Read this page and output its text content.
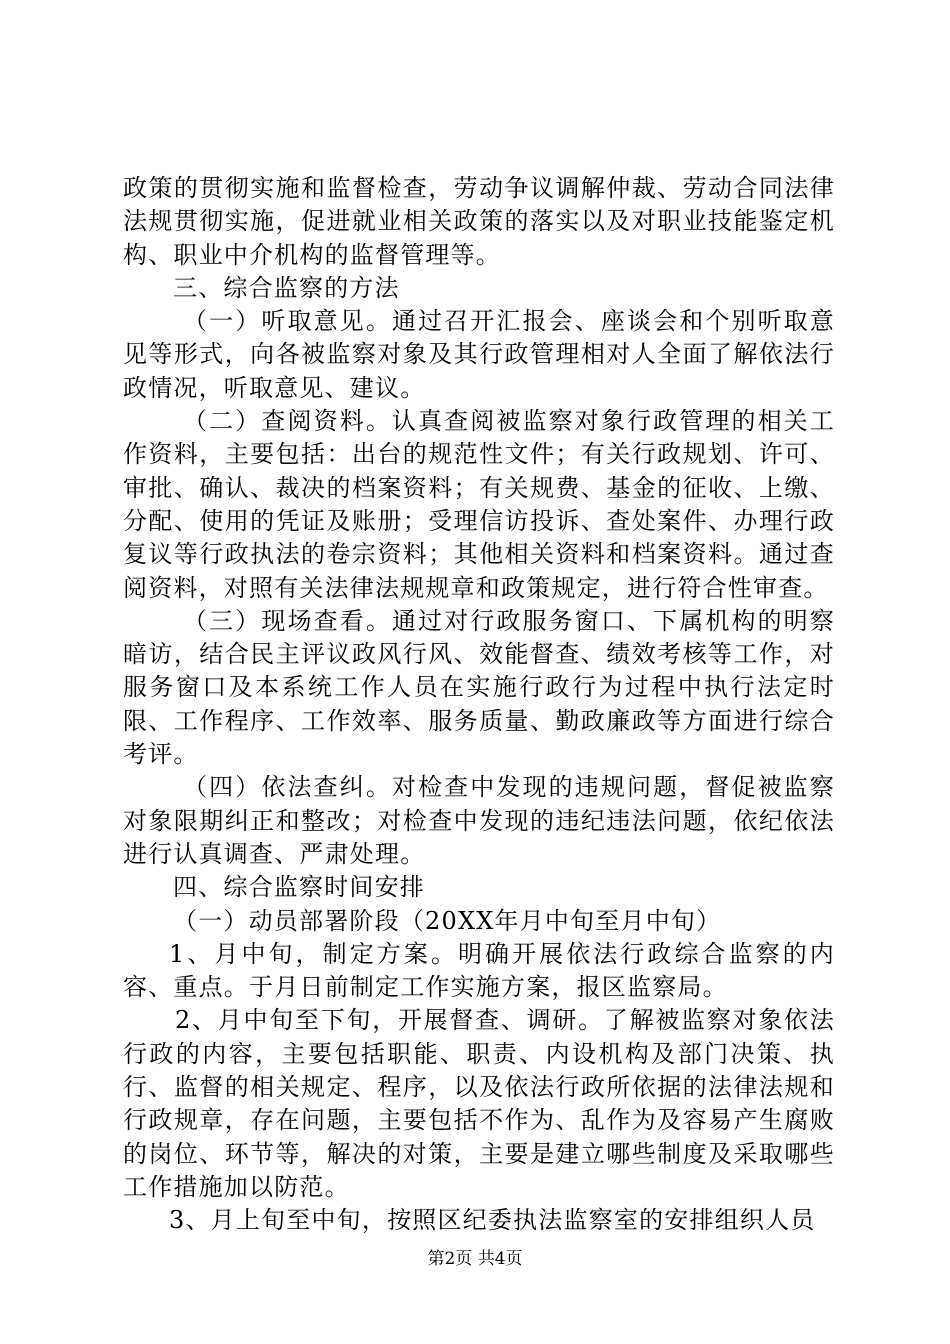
政策的贯彻实施和监督检查，劳动争议调解仲裁、劳动合同法律法规贯彻实施，促进就业相关政策的落实以及对职业技能鉴定机构、职业中介机构的监督管理等。

三、综合监察的方法

（一）听取意见。通过召开汇报会、座谈会和个别听取意见等形式，向各被监察对象及其行政管理相对人全面了解依法行政情况，听取意见、建议。

（二）查阅资料。认真查阅被监察对象行政管理的相关工作资料，主要包括：出台的规范性文件；有关行政规划、许可、审批、确认、裁决的档案资料；有关规费、基金的征收、上缴、分配、使用的凭证及账册；受理信访投诉、查处案件、办理行政复议等行政执法的卷宗资料；其他相关资料和档案资料。通过查阅资料，对照有关法律法规规章和政策规定，进行符合性审查。

（三）现场查看。通过对行政服务窗口、下属机构的明察暗访，结合民主评议政风行风、效能督查、绩效考核等工作，对服务窗口及本系统工作人员在实施行政行为过程中执行法定时限、工作程序、工作效率、服务质量、勤政廉政等方面进行综合考评。

（四）依法查纠。对检查中发现的违规问题，督促被监察对象限期纠正和整改；对检查中发现的违纪违法问题，依纪依法进行认真调查、严肃处理。

四、综合监察时间安排

（一）动员部署阶段（20XX年月中旬至月中旬）

1、月中旬，制定方案。明确开展依法行政综合监察的内容、重点。于月日前制定工作实施方案，报区监察局。

2、月中旬至下旬，开展督查、调研。了解被监察对象依法行政的内容，主要包括职能、职责、内设机构及部门决策、执行、监督的相关规定、程序，以及依法行政所依据的法律法规和行政规章，存在问题，主要包括不作为、乱作为及容易产生腐败的岗位、环节等，解决的对策，主要是建立哪些制度及采取哪些工作措施加以防范。

3、月上旬至中旬，按照区纪委执法监察室的安排组织人员

第2页 共4页
